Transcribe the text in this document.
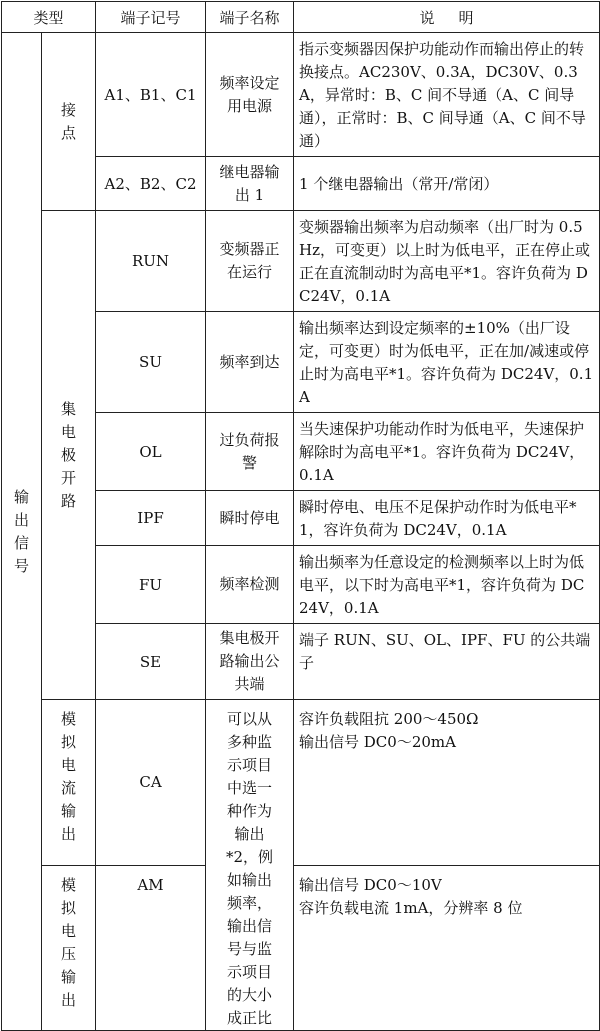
类型		端子记号	端子名称	说明
输出信号	接点	A1、B1、C1	频率设定用电源	指示变频器因保护功能动作而输出停止的转换接点。AC230V、0.3A，DC30V、0.3A，异常时：B、C 间不导通（A、C 间导通），正常时：B、C 间导通（A、C 间不导通）
		A2、B2、C2	继电器输出 1	1 个继电器输出（常开/常闭）
	集电极开路	RUN	变频器正在运行	变频器输出频率为启动频率（出厂时为 0.5Hz，可变更）以上时为低电平，正在停止或正在直流制动时为高电平*1。容许负荷为 DC24V，0.1A
		SU	频率到达	输出频率达到设定频率的±10%（出厂设定，可变更）时为低电平，正在加/减速或停止时为高电平*1。容许负荷为 DC24V，0.1A
		OL	过负荷报警	当失速保护功能动作时为低电平，失速保护解除时为高电平*1。容许负荷为 DC24V，0.1A
		IPF	瞬时停电	瞬时停电、电压不足保护动作时为低电平*1，容许负荷为 DC24V，0.1A
		FU	频率检测	输出频率为任意设定的检测频率以上时为低电平，以下时为高电平*1，容许负荷为 DC 24V，0.1A
		SE	集电极开路输出公共端	端子 RUN、SU、OL、IPF、FU 的公共端子
	模拟电流输出	CA	可以从多种监示项目中选一种作为输出*2，例如输出频率，输出信号与监示项目的大小成正比	容许负载阻抗 200～450Ω
输出信号 DC0～20mA

	模拟电压输出	AM		输出信号 DC0～10V
容许负载电流 1mA，分辨率 8 位
